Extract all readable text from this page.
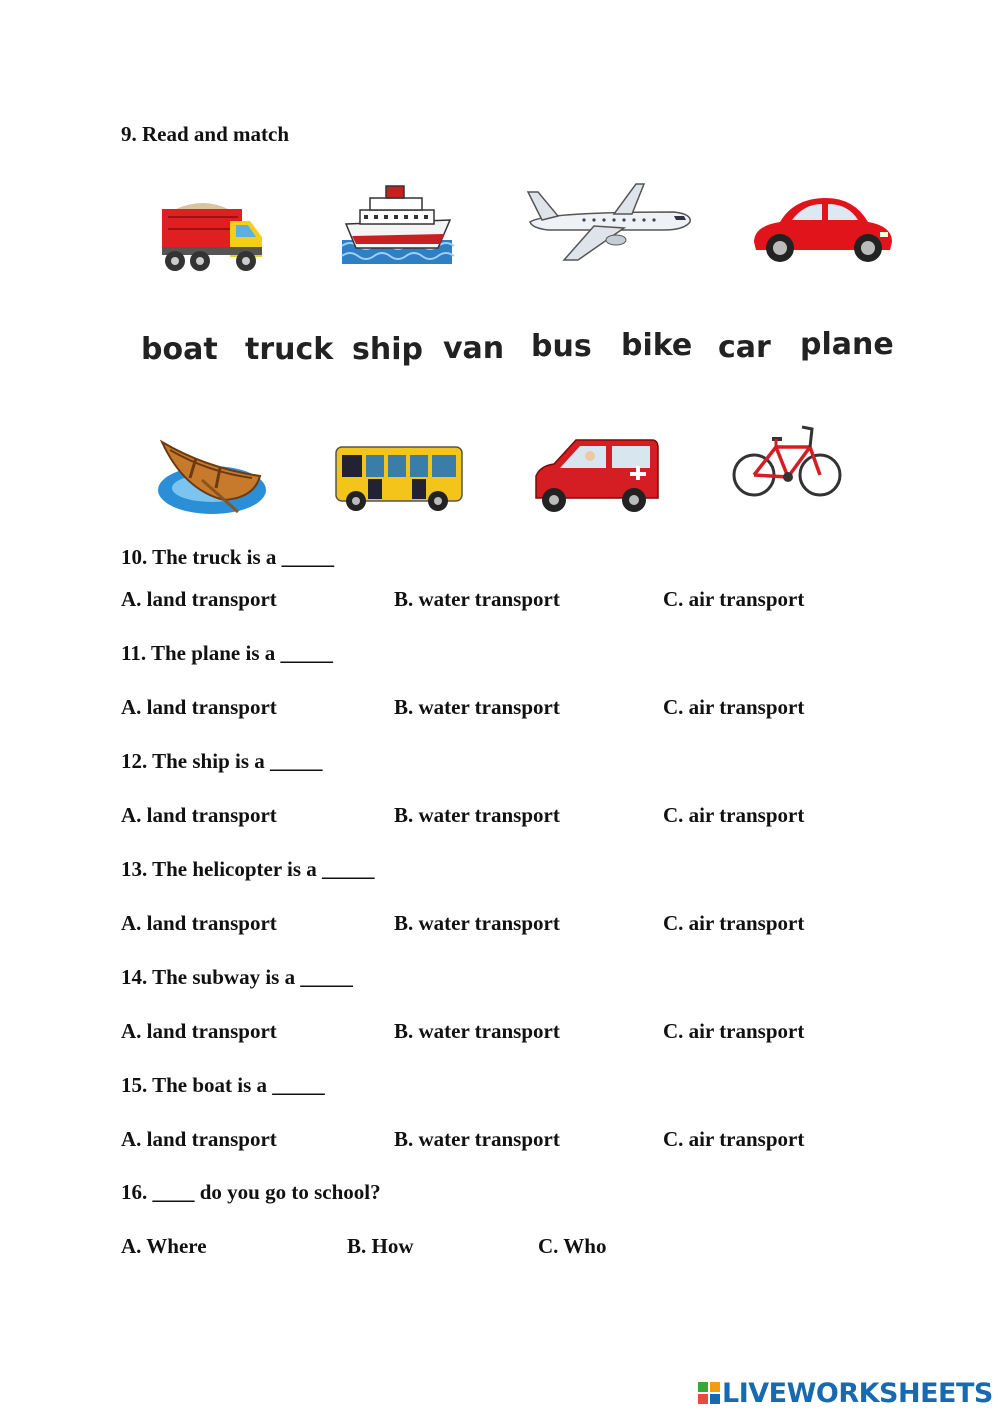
9. Read and match
boat truck ship van bus bike car plane
10. The truck is a _____
A. land transport	B. water transport	C. air transport
11. The plane is a _____
A. land transport	B. water transport	C. air transport
12. The ship is a _____
A. land transport	B. water transport	C. air transport
13. The helicopter is a _____
A. land transport	B. water transport	C. air transport
14. The subway is a _____
A. land transport	B. water transport	C. air transport
15. The boat is a _____
A. land transport	B. water transport	C. air transport
16. ____ do you go to school?
A. Where	B. How	C. Who
LIVEWORKSHEETS
